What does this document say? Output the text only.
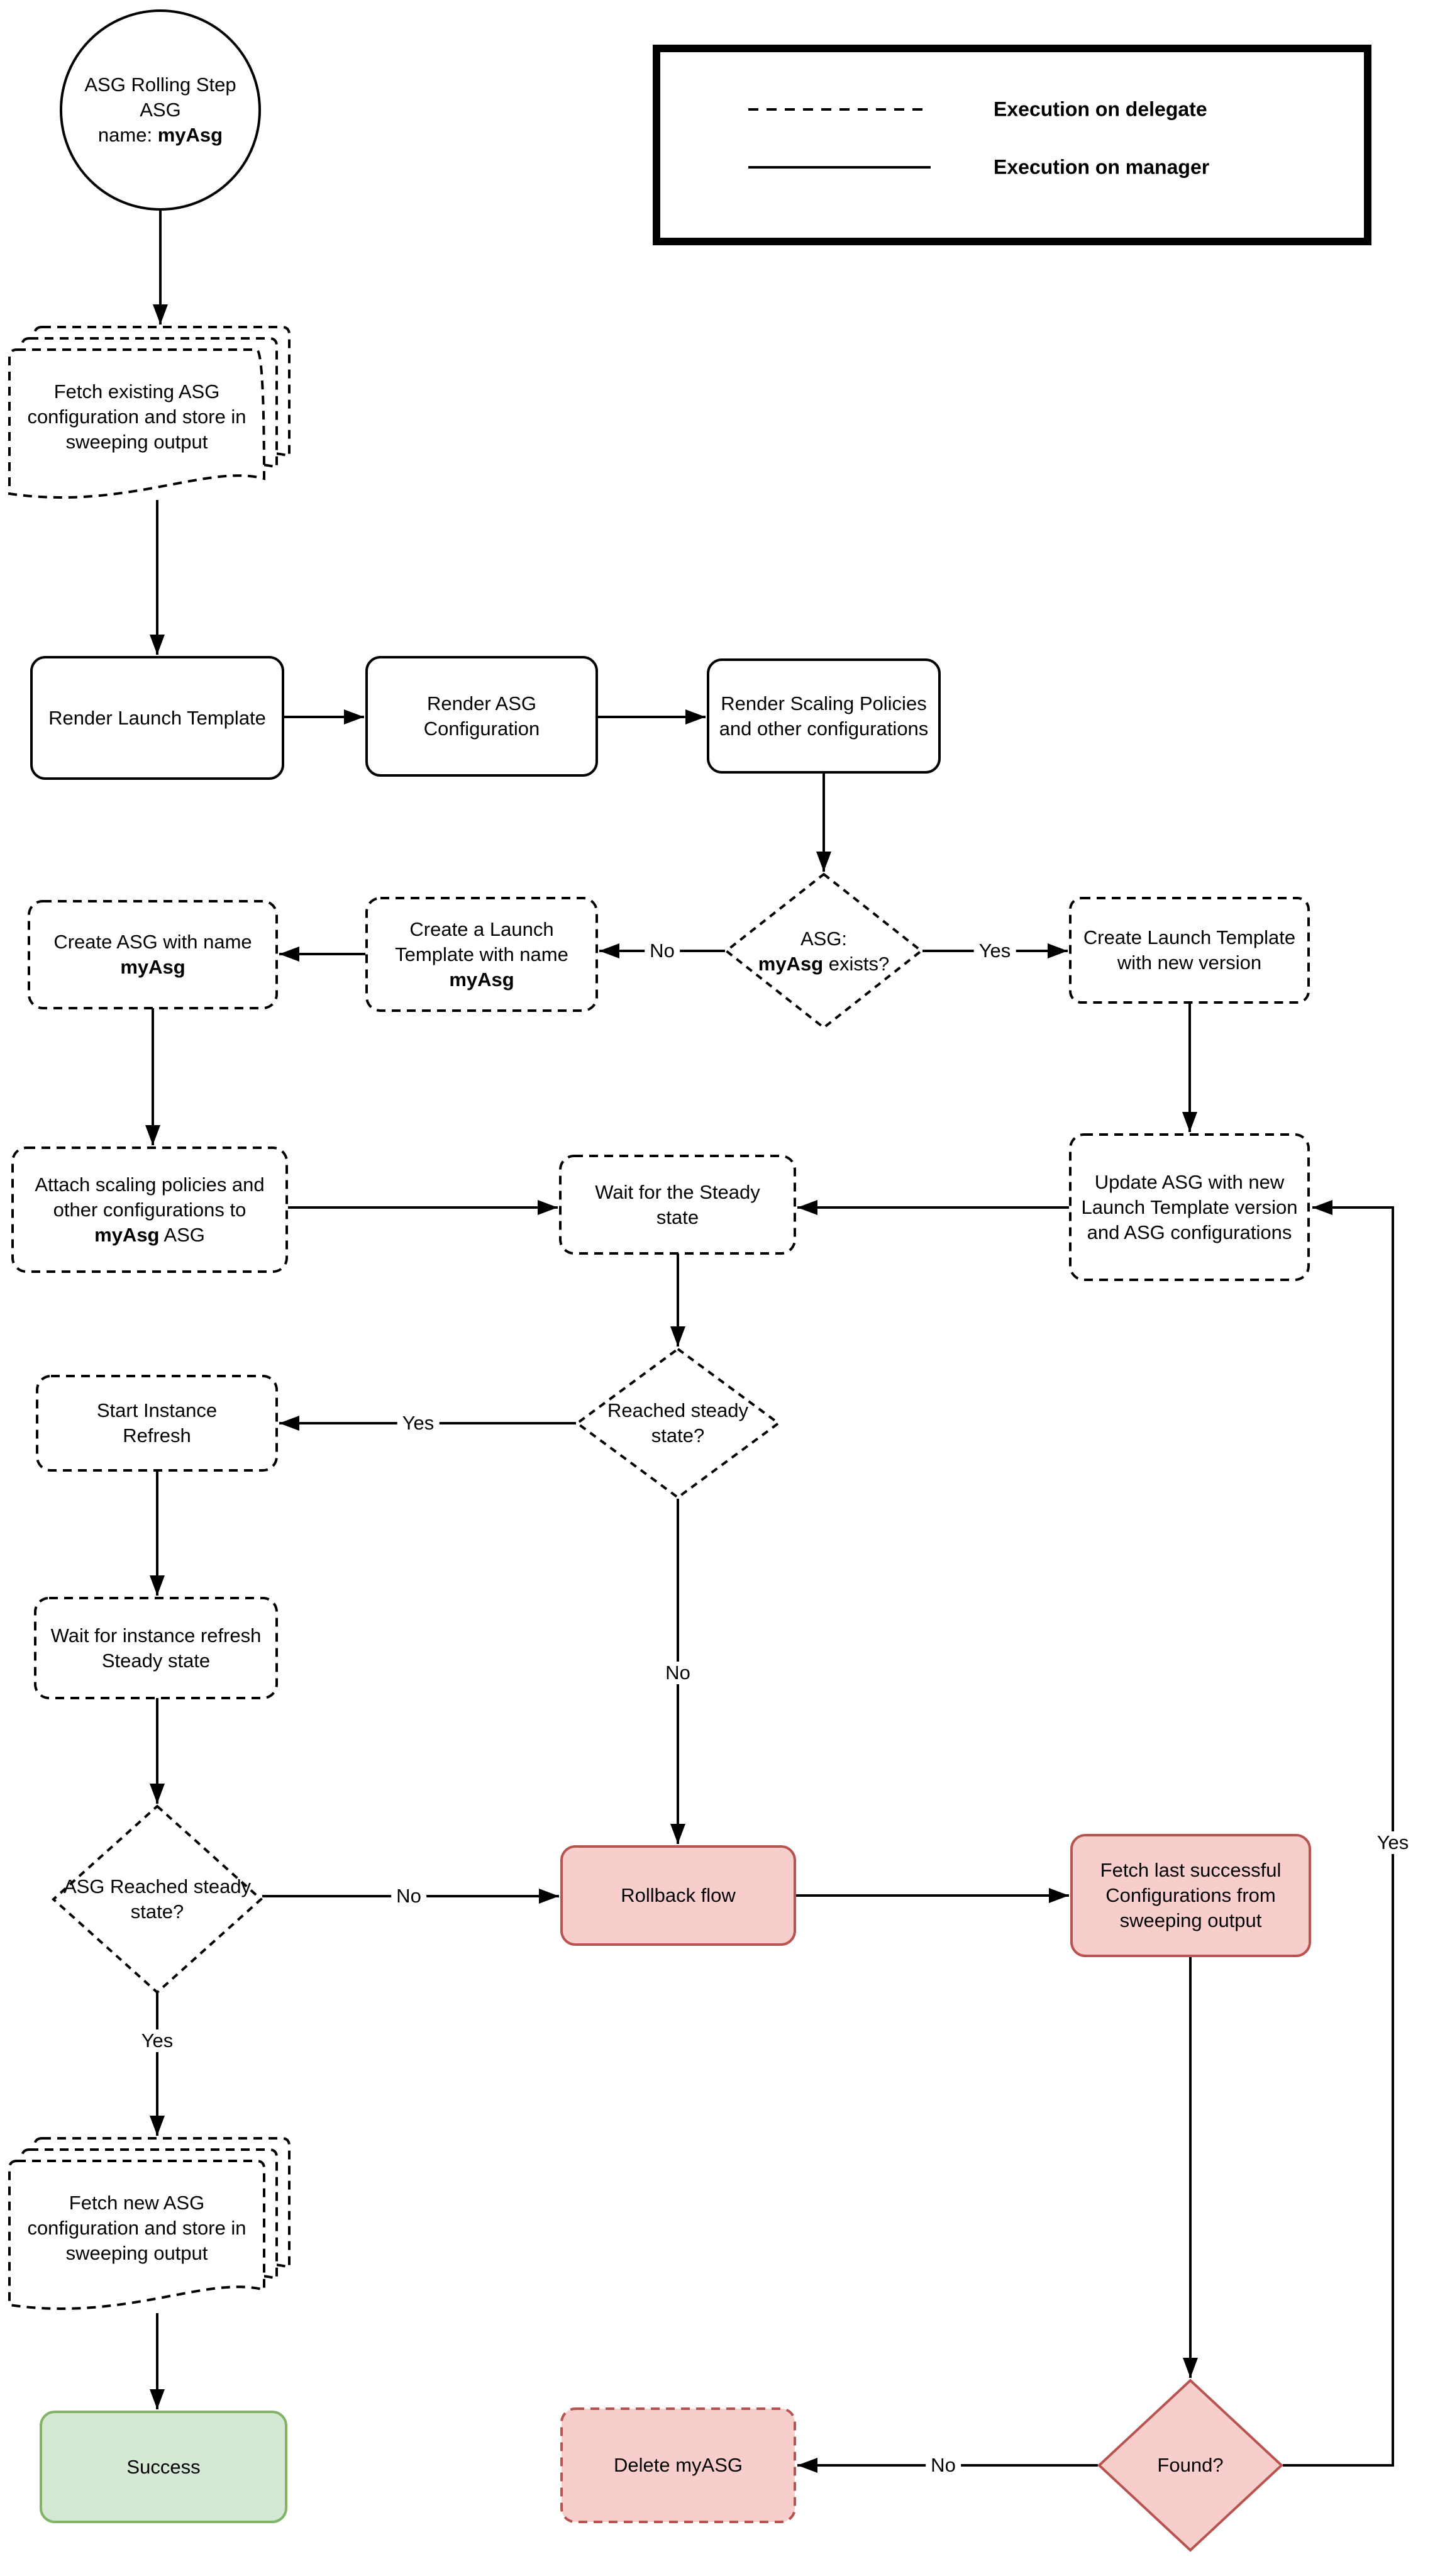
ASG Rolling Step
ASG
name: myAsg
Fetch existing ASG configuration and store in sweeping output
Render Launch Template
Render ASG Configuration
Render Scaling Policies and other configurations
ASG:
myAsg exists?
Create a Launch Template with name myAsg
Create ASG with name myAsg
Create Launch Template with new version
Attach scaling policies and other configurations to myAsg ASG
Wait for the Steady state
Update ASG with new Launch Template version and ASG configurations
Reached steady state?
Start Instance Refresh
Wait for instance refresh Steady state
ASG Reached steady state?
Rollback flow
Fetch last successful Configurations from sweeping output
Fetch new ASG configuration and store in sweeping output
Success	Delete myASG	Found?
No	Yes
Yes
No
No
Yes
No
Yes
Execution on delegate
Execution on manager
